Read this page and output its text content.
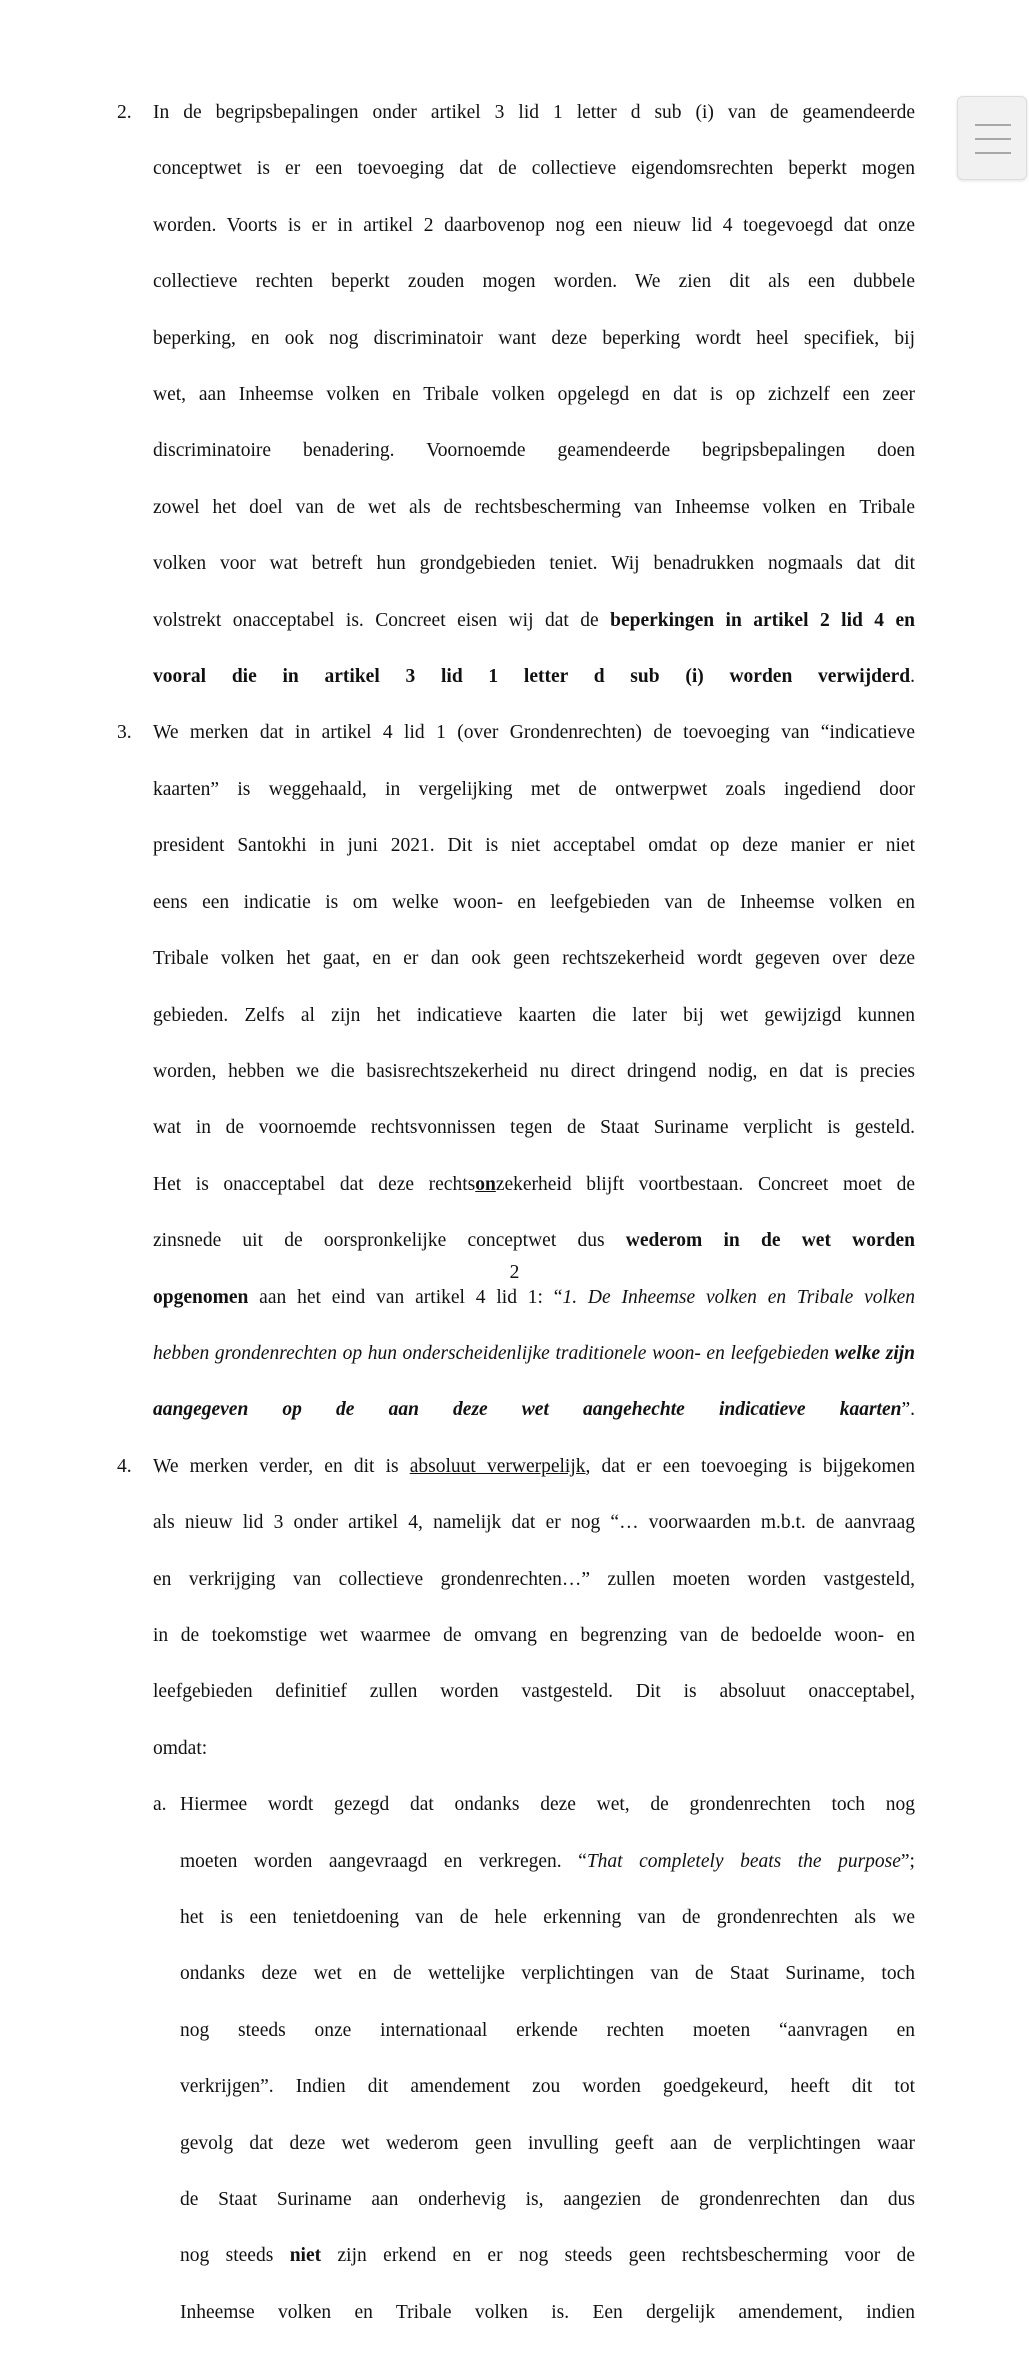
2. In de begripsbepalingen onder artikel 3 lid 1 letter d sub (i) van de geamendeerde
conceptwet is er een toevoeging dat de collectieve eigendomsrechten beperkt mogen
worden. Voorts is er in artikel 2 daarbovenop nog een nieuw lid 4 toegevoegd dat onze
collectieve rechten beperkt zouden mogen worden. We zien dit als een dubbele
beperking, en ook nog discriminatoir want deze beperking wordt heel specifiek, bij
wet, aan Inheemse volken en Tribale volken opgelegd en dat is op zichzelf een zeer
discriminatoire benadering. Voornoemde geamendeerde begripsbepalingen doen
zowel het doel van de wet als de rechtsbescherming van Inheemse volken en Tribale
volken voor wat betreft hun grondgebieden teniet. Wij benadrukken nogmaals dat dit
volstrekt onacceptabel is. Concreet eisen wij dat de beperkingen in artikel 2 lid 4 en
vooral die in artikel 3 lid 1 letter d sub (i) worden verwijderd.
3. We merken dat in artikel 4 lid 1 (over Grondenrechten) de toevoeging van “indicatieve
kaarten” is weggehaald, in vergelijking met de ontwerpwet zoals ingediend door
president Santokhi in juni 2021. Dit is niet acceptabel omdat op deze manier er niet
eens een indicatie is om welke woon- en leefgebieden van de Inheemse volken en
Tribale volken het gaat, en er dan ook geen rechtszekerheid wordt gegeven over deze
gebieden. Zelfs al zijn het indicatieve kaarten die later bij wet gewijzigd kunnen
worden, hebben we die basisrechtszekerheid nu direct dringend nodig, en dat is precies
wat in de voornoemde rechtsvonnissen tegen de Staat Suriname verplicht is gesteld.
Het is onacceptabel dat deze rechtsonzekerheid blijft voortbestaan. Concreet moet de
zinsnede uit de oorspronkelijke conceptwet dus wederom in de wet worden
opgenomen aan het eind van artikel 4 lid 1: “1. De Inheemse volken en Tribale volken
hebben grondenrechten op hun onderscheidenlijke traditionele woon- en leefgebieden welke zijn
aangegeven op de aan deze wet aangehechte indicatieve kaarten”.
4. We merken verder, en dit is absoluut verwerpelijk, dat er een toevoeging is bijgekomen
als nieuw lid 3 onder artikel 4, namelijk dat er nog “… voorwaarden m.b.t. de aanvraag
en verkrijging van collectieve grondenrechten…” zullen moeten worden vastgesteld,
in de toekomstige wet waarmee de omvang en begrenzing van de bedoelde woon- en
leefgebieden definitief zullen worden vastgesteld. Dit is absoluut onacceptabel,
omdat:
a. Hiermee wordt gezegd dat ondanks deze wet, de grondenrechten toch nog
moeten worden aangevraagd en verkregen. “That completely beats the purpose”;
het is een tenietdoening van de hele erkenning van de grondenrechten als we
ondanks deze wet en de wettelijke verplichtingen van de Staat Suriname, toch
nog steeds onze internationaal erkende rechten moeten “aanvragen en
verkrijgen”. Indien dit amendement zou worden goedgekeurd, heeft dit tot
gevolg dat deze wet wederom geen invulling geeft aan de verplichtingen waar
de Staat Suriname aan onderhevig is, aangezien de grondenrechten dan dus
nog steeds niet zijn erkend en er nog steeds geen rechtsbescherming voor de
Inheemse volken en Tribale volken is. Een dergelijk amendement, indien
2
